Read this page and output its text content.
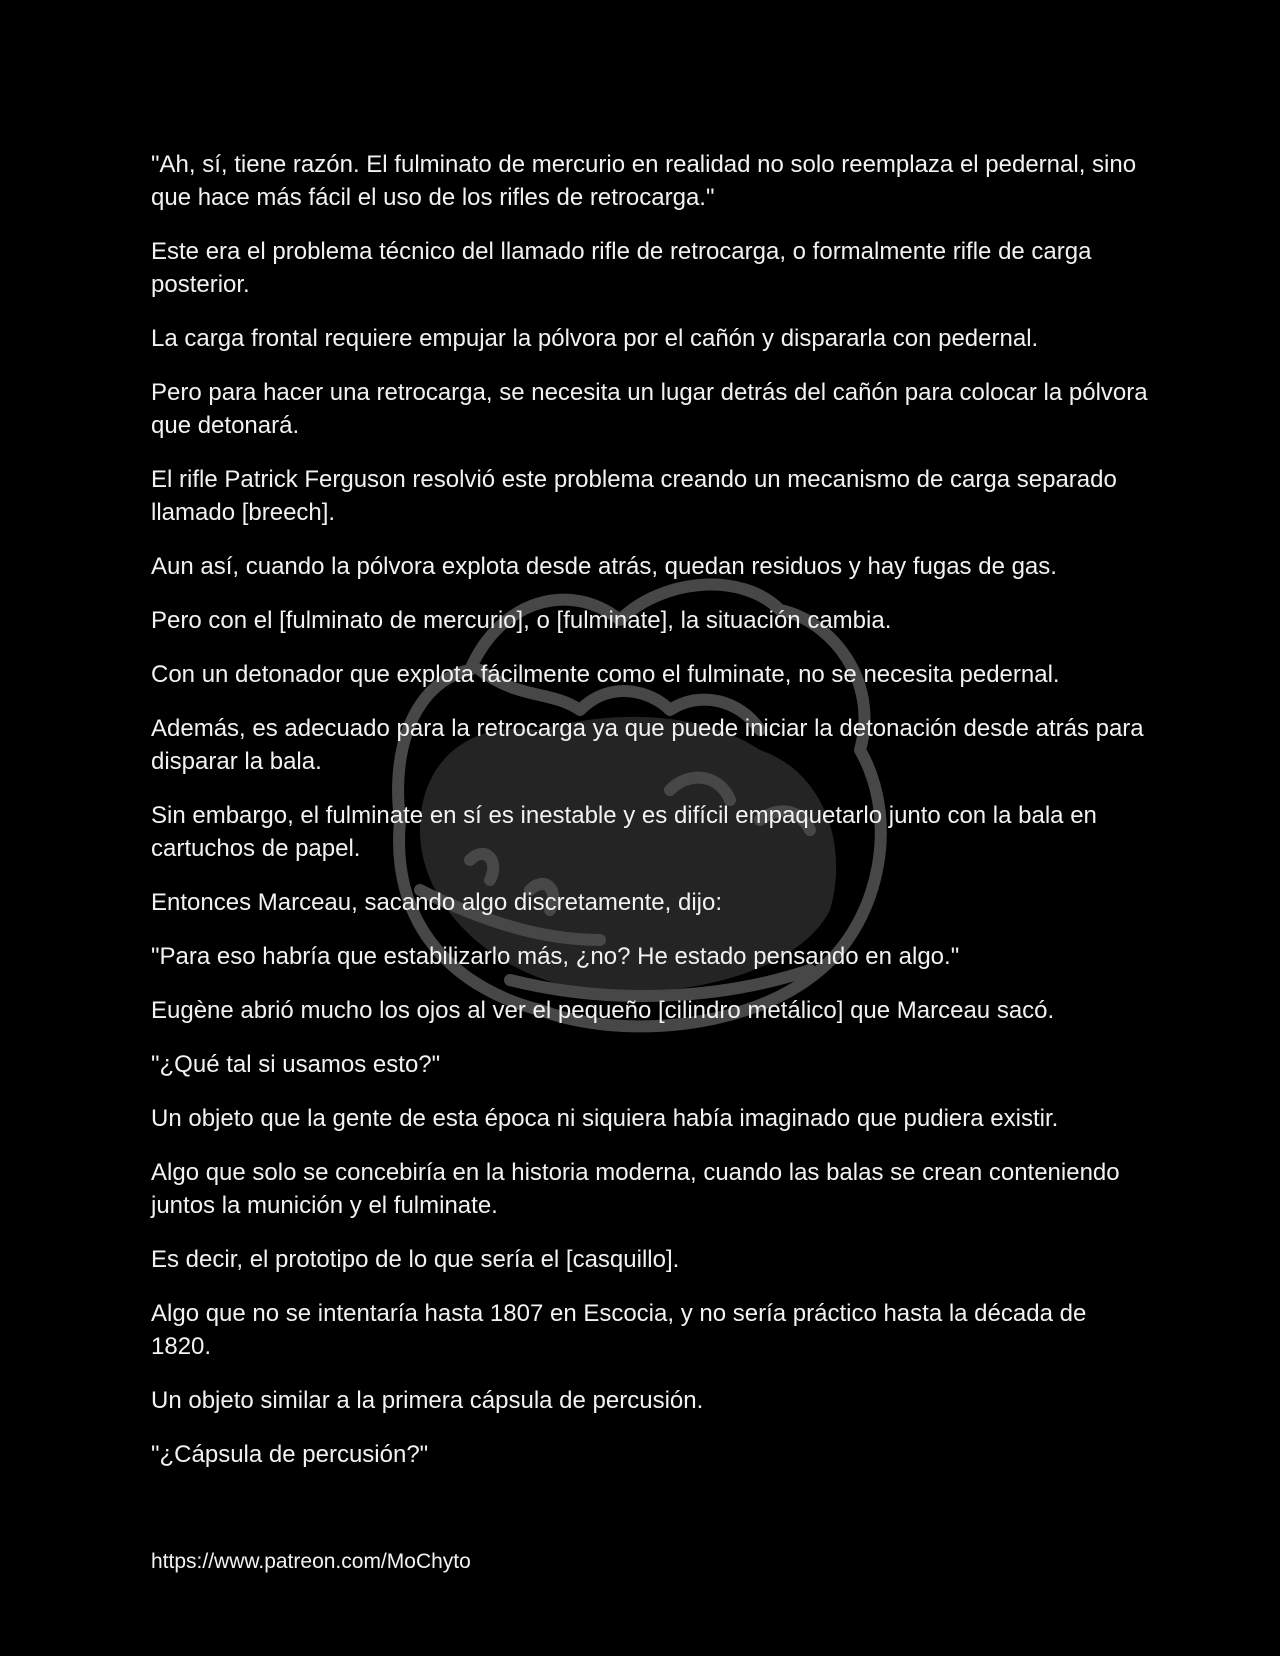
"Ah, sí, tiene razón. El fulminato de mercurio en realidad no solo reemplaza el pedernal, sino que hace más fácil el uso de los rifles de retrocarga."

Este era el problema técnico del llamado rifle de retrocarga, o formalmente rifle de carga posterior.

La carga frontal requiere empujar la pólvora por el cañón y dispararla con pedernal.

Pero para hacer una retrocarga, se necesita un lugar detrás del cañón para colocar la pólvora que detonará.

El rifle Patrick Ferguson resolvió este problema creando un mecanismo de carga separado llamado [breech].

Aun así, cuando la pólvora explota desde atrás, quedan residuos y hay fugas de gas.

Pero con el [fulminato de mercurio], o [fulminate], la situación cambia.

Con un detonador que explota fácilmente como el fulminate, no se necesita pedernal.

Además, es adecuado para la retrocarga ya que puede iniciar la detonación desde atrás para disparar la bala.

Sin embargo, el fulminate en sí es inestable y es difícil empaquetarlo junto con la bala en cartuchos de papel.

Entonces Marceau, sacando algo discretamente, dijo:

"Para eso habría que estabilizarlo más, ¿no? He estado pensando en algo."

Eugène abrió mucho los ojos al ver el pequeño [cilindro metálico] que Marceau sacó.

"¿Qué tal si usamos esto?"

Un objeto que la gente de esta época ni siquiera había imaginado que pudiera existir.

Algo que solo se concebiría en la historia moderna, cuando las balas se crean conteniendo juntos la munición y el fulminate.

Es decir, el prototipo de lo que sería el [casquillo].

Algo que no se intentaría hasta 1807 en Escocia, y no sería práctico hasta la década de 1820.

Un objeto similar a la primera cápsula de percusión.

"¿Cápsula de percusión?"

https://www.patreon.com/MoChyto
